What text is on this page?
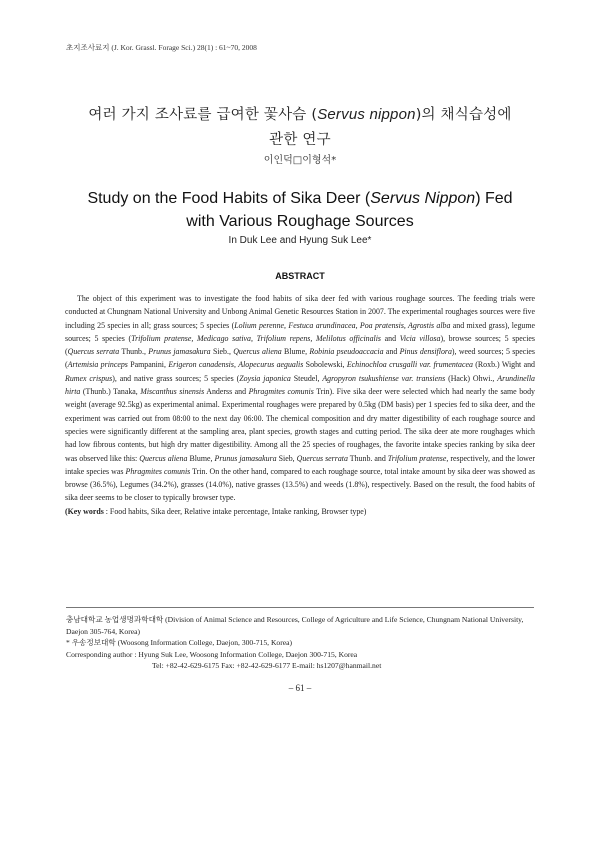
초지조사료지 (J. Kor. Grassl. Forage Sci.) 28(1) : 61~70, 2008
여러 가지 조사료를 급여한 꽃사슴 (Servus nippon)의 채식습성에
관한 연구
이인덕□이형석*
Study on the Food Habits of Sika Deer (Servus Nippon) Fed
with Various Roughage Sources
In Duk Lee and Hyung Suk Lee*
ABSTRACT

The object of this experiment was to investigate the food habits of sika deer fed with various roughage sources. The feeding trials were conducted at Chungnam National University and Unbong Animal Genetic Resources Station in 2007. The experimental roughages sources were five including 25 species in all; grass sources; 5 species (Lolium perenne, Festuca arundinacea, Poa pratensis, Agrostis alba and mixed grass), legume sources; 5 species (Trifolium pratense, Medicago sativa, Trifolium repens, Melilotus officinalis and Vicia villosa), browse sources; 5 species (Quercus serrata Thunb., Prunus jamasakura Sieb., Quercus aliena Blume, Robinia pseudoaccacia and Pinus densiflora), weed sources; 5 species (Artemisia princeps Pampanini, Erigeron canadensis, Alopecurus aegualis Sobolewski, Echinochloa crusgalli var. frumentacea (Roxb.) Wight and Rumex crispus), and native grass sources; 5 species (Zoysia japonica Steudel, Agropyron tsukushiense var. transiens (Hack) Ohwi., Arundinella hirta (Thunb.) Tanaka, Miscanthus sinensis Anderss and Phragmites comunis Trin). Five sika deer were selected which had nearly the same body weight (average 92.5kg) as experimental animal. Experimental roughages were prepared by 0.5kg (DM basis) per 1 species fed to sika deer, and the experiment was carried out from 08:00 to the next day 06:00. The chemical composition and dry matter digestibility of each roughage source and species were significantly different at the sampling area, plant species, growth stages and cutting period. The sika deer ate more roughages which had low fibrous contents, but high dry matter digestibility. Among all the 25 species of roughages, the favorite intake species ranking by sika deer was observed like this: Quercus aliena Blume, Prunus jamasakura Sieb, Quercus serrata Thunb. and Trifolium pratense, respectively, and the lower intake species was Phragmites comunis Trin. On the other hand, compared to each roughage source, total intake amount by sika deer was showed as browse (36.5%), Legumes (34.2%), grasses (14.0%), native grasses (13.5%) and weeds (1.8%), respectively. Based on the result, the food habits of sika deer seems to be closer to typically browser type.

(Key words : Food habits, Sika deer, Relative intake percentage, Intake ranking, Browser type)

충남대학교 농업생명과학대학 (Division of Animal Science and Resources, College of Agriculture and Life Science, Chungnam National University, Daejon 305-764, Korea)

* 우송정보대학 (Woosong Information College, Daejon, 300-715, Korea)

Corresponding author : Hyung Suk Lee, Woosong Information College, Daejon 300-715, Korea

Tel: +82-42-629-6175 Fax: +82-42-629-6177 E-mail: hs1207@hanmail.net

– 61 –
